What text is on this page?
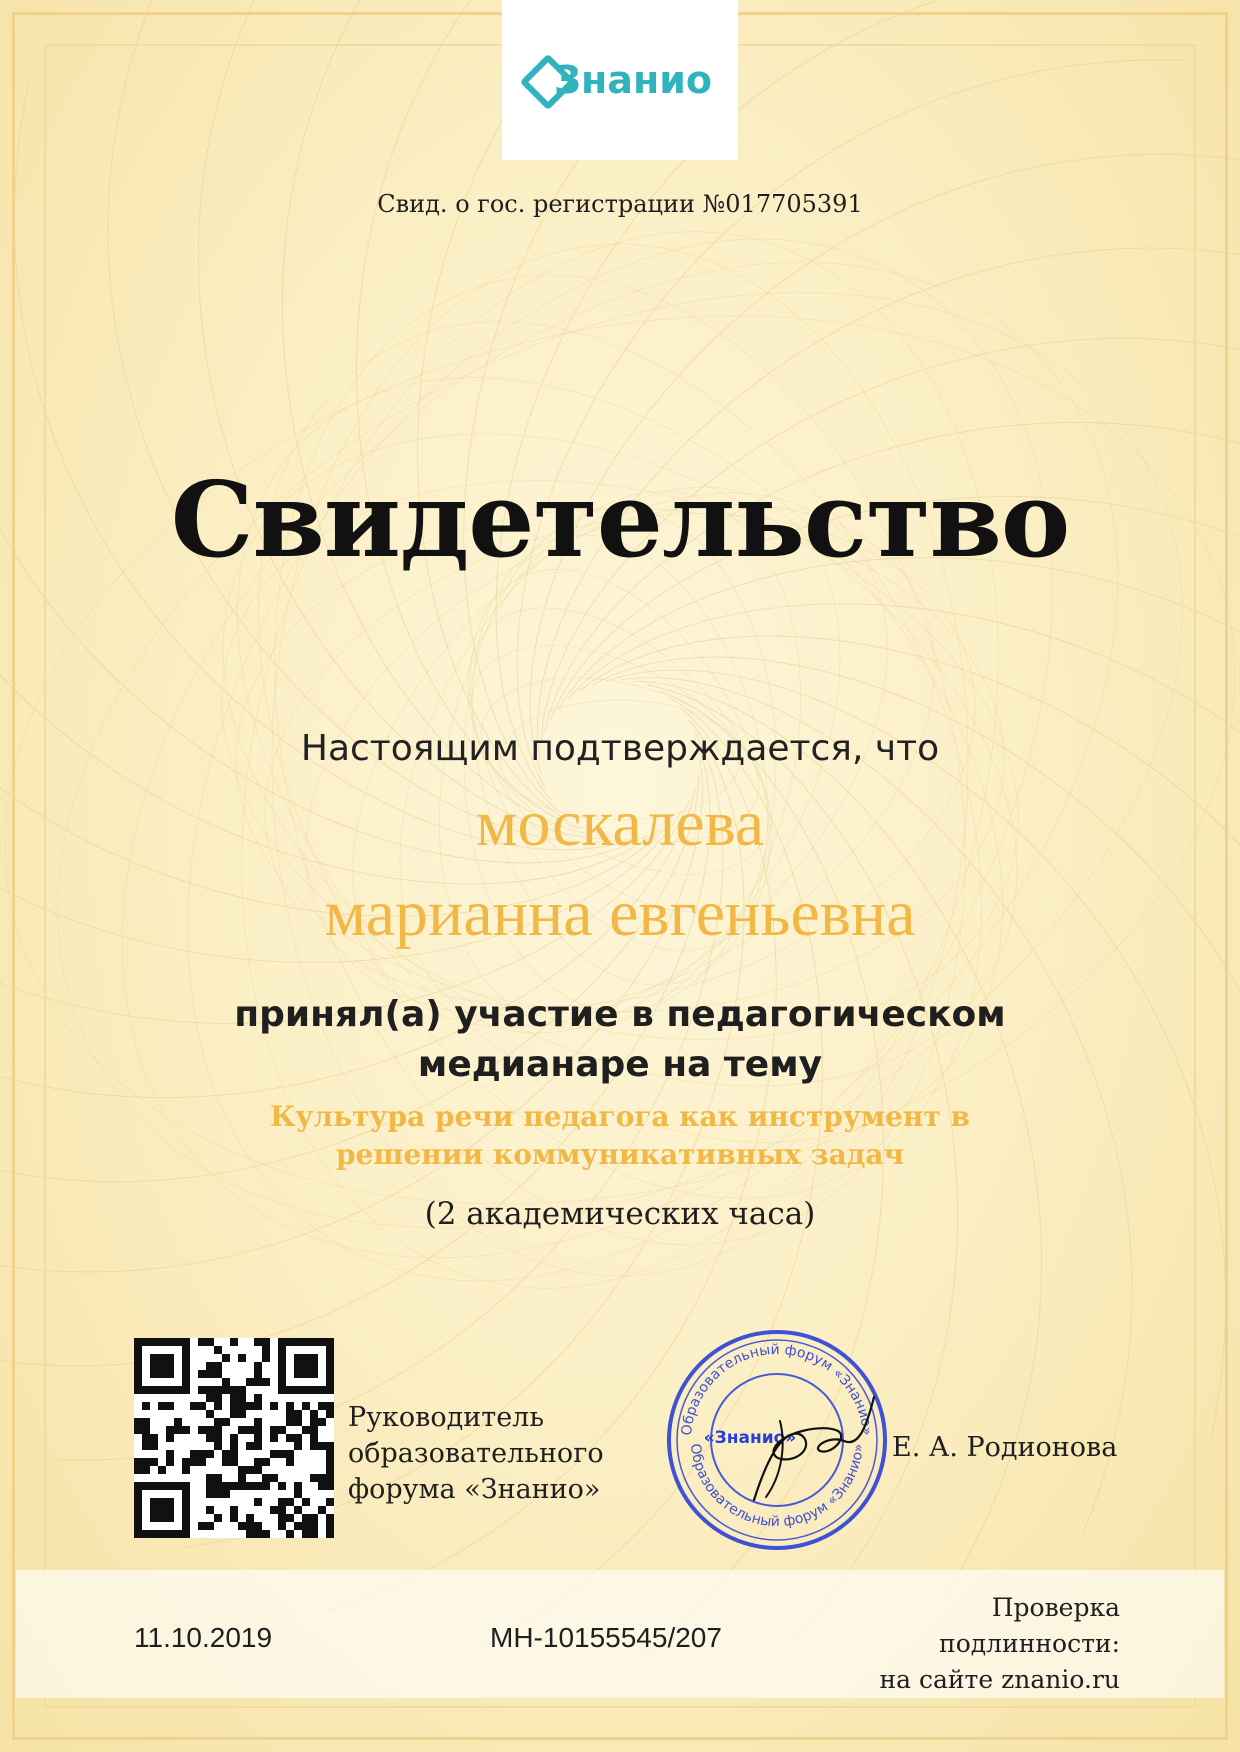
Знанио
Свид. о гос. регистрации №017705391
Свидетельство
Настоящим подтверждается, что
москалева
марианна евгеньевна
принял(а) участие в педагогическом
медианаре на тему
Культура речи педагога как инструмент в
решении коммуникативных задач
(2 академических часа)
Руководитель
образовательного
форума «Знанио»
Образовательный форум «Знанио»
Образовательный форум «Знанио»
«Знанио»	Е. А. Родионова
11.10.2019	МН-10155545/207
Проверка
подлинности:
на сайте znanio.ru
